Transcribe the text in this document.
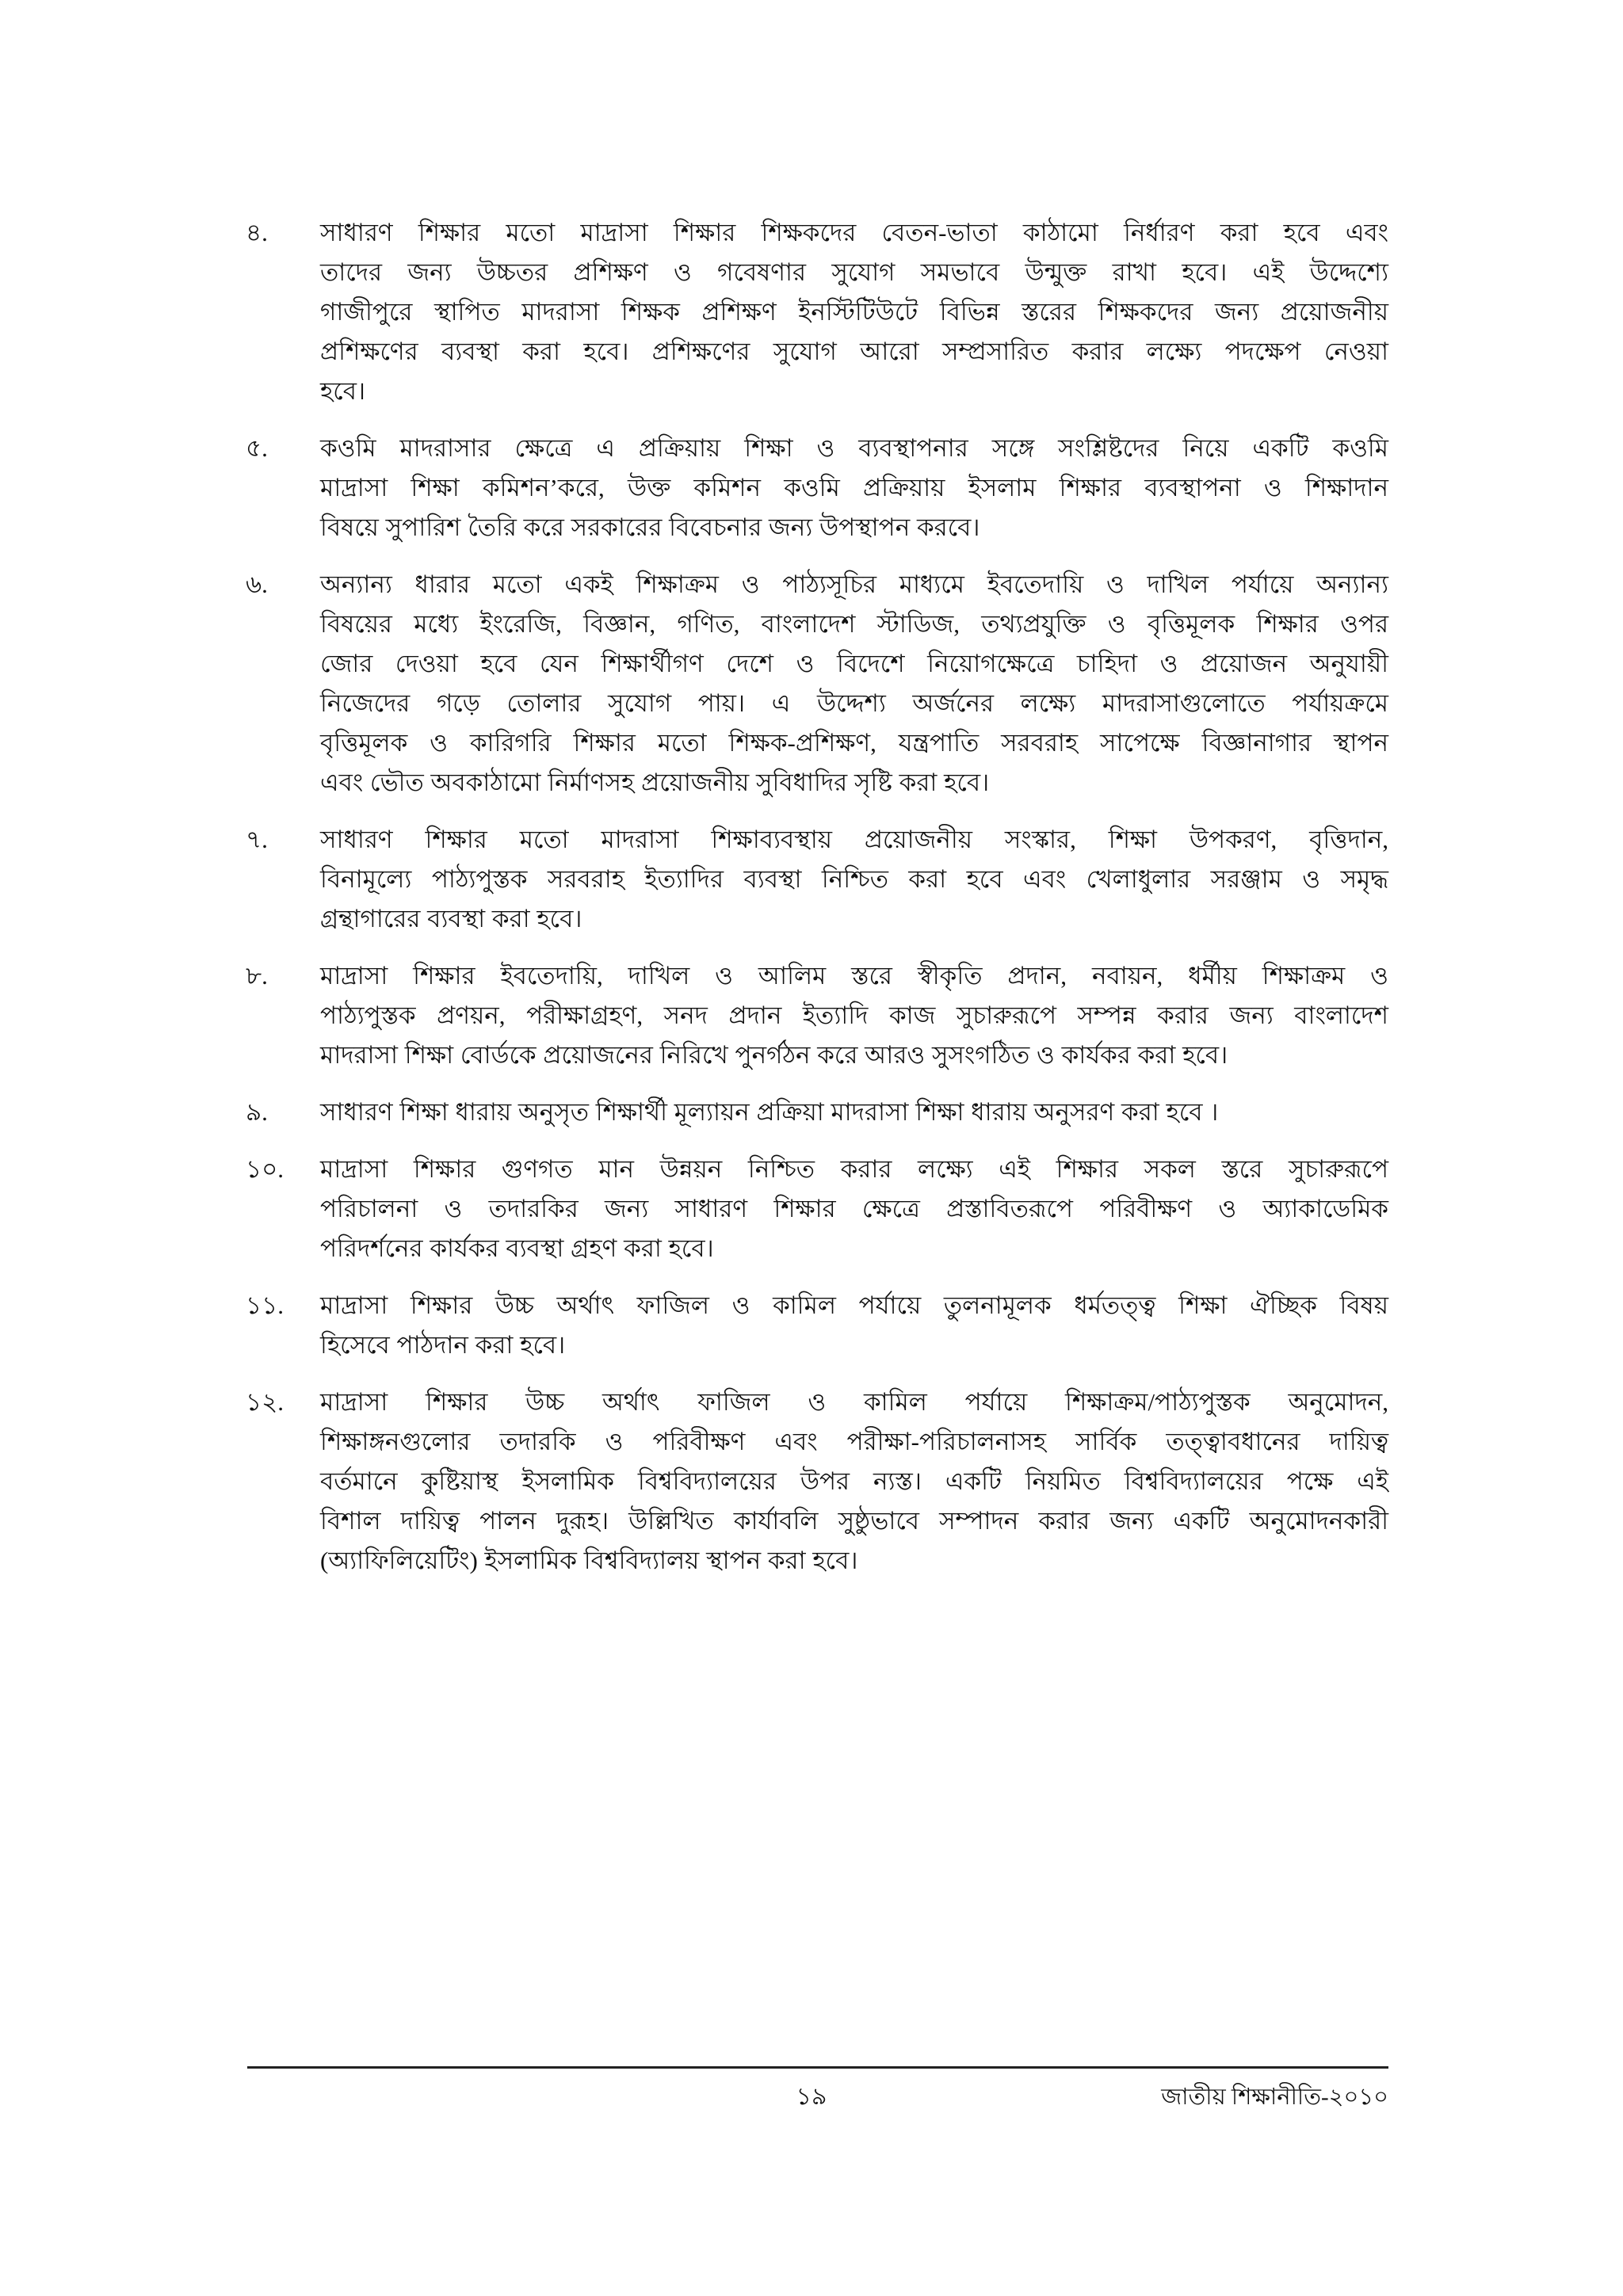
৪.	সাধারণ শিক্ষার মতো মাদ্রাসা শিক্ষার শিক্ষকদের বেতন-ভাতা কাঠামো নির্ধারণ করা হবে এবং
তাদের জন্য উচ্চতর প্রশিক্ষণ ও গবেষণার সুযোগ সমভাবে উন্মুক্ত রাখা হবে। এই উদ্দেশ্যে
গাজীপুরে স্থাপিত মাদরাসা শিক্ষক প্রশিক্ষণ ইনস্টিটিউটে বিভিন্ন স্তরের শিক্ষকদের জন্য প্রয়োজনীয়
প্রশিক্ষণের ব্যবস্থা করা হবে। প্রশিক্ষণের সুযোগ আরো সম্প্রসারিত করার লক্ষ্যে পদক্ষেপ নেওয়া
হবে।
৫.	কওমি মাদরাসার ক্ষেত্রে এ প্রক্রিয়ায় শিক্ষা ও ব্যবস্থাপনার সঙ্গে সংশ্লিষ্টদের নিয়ে একটি কওমি
মাদ্রাসা শিক্ষা কমিশন’করে, উক্ত কমিশন কওমি প্রক্রিয়ায় ইসলাম শিক্ষার ব্যবস্থাপনা ও শিক্ষাদান
বিষয়ে সুপারিশ তৈরি করে সরকারের বিবেচনার জন্য উপস্থাপন করবে।
৬.	অন্যান্য ধারার মতো একই শিক্ষাক্রম ও পাঠ্যসূচির মাধ্যমে ইবতেদায়ি ও দাখিল পর্যায়ে অন্যান্য
বিষয়ের মধ্যে ইংরেজি, বিজ্ঞান, গণিত, বাংলাদেশ স্টাডিজ, তথ্যপ্রযুক্তি ও বৃত্তিমূলক শিক্ষার ওপর
জোর দেওয়া হবে যেন শিক্ষার্থীগণ দেশে ও বিদেশে নিয়োগক্ষেত্রে চাহিদা ও প্রয়োজন অনুযায়ী
নিজেদের গড়ে তোলার সুযোগ পায়। এ উদ্দেশ্য অর্জনের লক্ষ্যে মাদরাসাগুলোতে পর্যায়ক্রমে
বৃত্তিমূলক ও কারিগরি শিক্ষার মতো শিক্ষক-প্রশিক্ষণ, যন্ত্রপাতি সরবরাহ সাপেক্ষে বিজ্ঞানাগার স্থাপন
এবং ভৌত অবকাঠামো নির্মাণসহ প্রয়োজনীয় সুবিধাদির সৃষ্টি করা হবে।
৭.	সাধারণ শিক্ষার মতো মাদরাসা শিক্ষাব্যবস্থায় প্রয়োজনীয় সংস্কার, শিক্ষা উপকরণ, বৃত্তিদান,
বিনামূল্যে পাঠ্যপুস্তক সরবরাহ ইত্যাদির ব্যবস্থা নিশ্চিত করা হবে এবং খেলাধুলার সরঞ্জাম ও সমৃদ্ধ
গ্রন্থাগারের ব্যবস্থা করা হবে।
৮.	মাদ্রাসা শিক্ষার ইবতেদায়ি, দাখিল ও আলিম স্তরে স্বীকৃতি প্রদান, নবায়ন, ধর্মীয় শিক্ষাক্রম ও
পাঠ্যপুস্তক প্রণয়ন, পরীক্ষাগ্রহণ, সনদ প্রদান ইত্যাদি কাজ সুচারুরূপে সম্পন্ন করার জন্য বাংলাদেশ
মাদরাসা শিক্ষা বোর্ডকে প্রয়োজনের নিরিখে পুনর্গঠন করে আরও সুসংগঠিত ও কার্যকর করা হবে।
৯.	সাধারণ শিক্ষা ধারায় অনুসৃত শিক্ষার্থী মূল্যায়ন প্রক্রিয়া মাদরাসা শিক্ষা ধারায় অনুসরণ করা হবে ।
১০.	মাদ্রাসা শিক্ষার গুণগত মান উন্নয়ন নিশ্চিত করার লক্ষ্যে এই শিক্ষার সকল স্তরে সুচারুরূপে
পরিচালনা ও তদারকির জন্য সাধারণ শিক্ষার ক্ষেত্রে প্রস্তাবিতরূপে পরিবীক্ষণ ও অ্যাকাডেমিক
পরিদর্শনের কার্যকর ব্যবস্থা গ্রহণ করা হবে।
১১.	মাদ্রাসা শিক্ষার উচ্চ অর্থাৎ ফাজিল ও কামিল পর্যায়ে তুলনামূলক ধর্মতত্ত্ব শিক্ষা ঐচ্ছিক বিষয়
হিসেবে পাঠদান করা হবে।
১২.	মাদ্রাসা শিক্ষার উচ্চ অর্থাৎ ফাজিল ও কামিল পর্যায়ে শিক্ষাক্রম/পাঠ্যপুস্তক অনুমোদন,
শিক্ষাঙ্গনগুলোর তদারকি ও পরিবীক্ষণ এবং পরীক্ষা-পরিচালনাসহ সার্বিক তত্ত্বাবধানের দায়িত্ব
বর্তমানে কুষ্টিয়াস্থ ইসলামিক বিশ্ববিদ্যালয়ের উপর ন্যস্ত। একটি নিয়মিত বিশ্ববিদ্যালয়ের পক্ষে এই
বিশাল দায়িত্ব পালন দুরূহ। উল্লিখিত কার্যাবলি সুষ্ঠুভাবে সম্পাদন করার জন্য একটি অনুমোদনকারী
(অ্যাফিলিয়েটিং) ইসলামিক বিশ্ববিদ্যালয় স্থাপন করা হবে।
১৯	জাতীয় শিক্ষানীতি-২০১০
